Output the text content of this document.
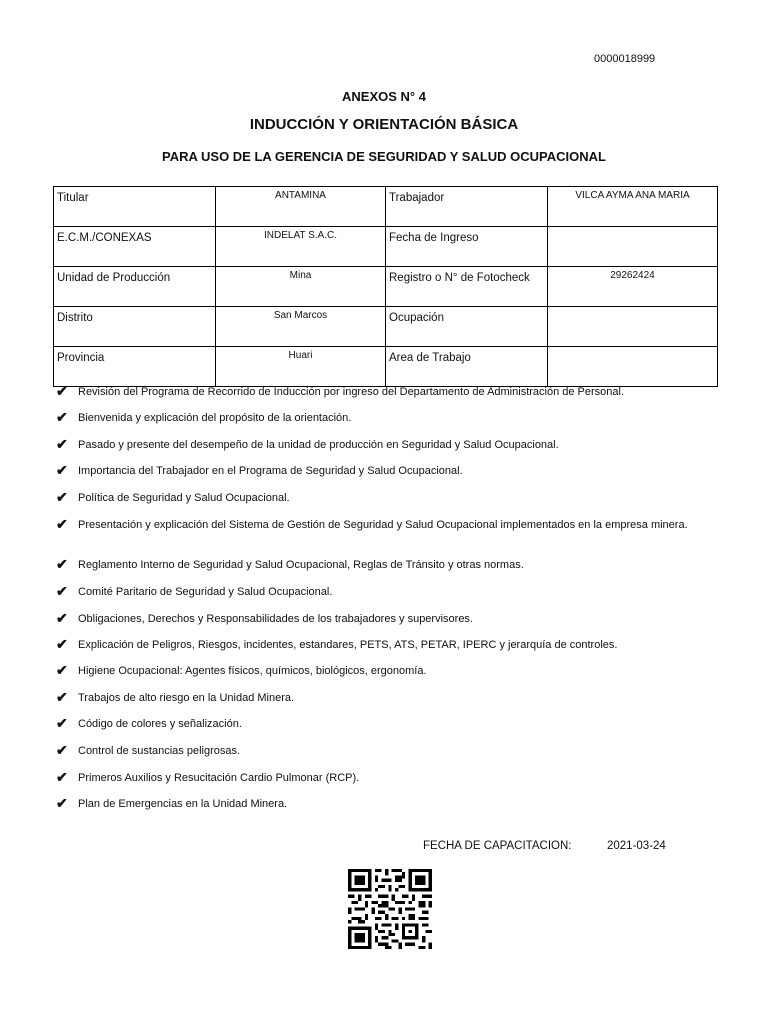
0000018999
ANEXOS N° 4
INDUCCIÓN Y ORIENTACIÓN BÁSICA
PARA USO DE LA GERENCIA DE SEGURIDAD Y SALUD OCUPACIONAL
Titular	ANTAMINA	Trabajador	VILCA AYMA ANA MARIA
E.C.M./CONEXAS	INDELAT S.A.C.	Fecha de Ingreso	
Unidad de Producción	Mina	Registro o N° de Fotocheck	29262424
Distrito	San Marcos	Ocupación	
Provincia	Huari	Area de Trabajo	
✔ Revisión del Programa de Recorrido de Inducción por ingreso del Departamento de Administración de Personal.
✔ Bienvenida y explicación del propósito de la orientación.
✔ Pasado y presente del desempeño de la unidad de producción en Seguridad y Salud Ocupacional.
✔ Importancia del Trabajador en el Programa de Seguridad y Salud Ocupacional.
✔ Política de Seguridad y Salud Ocupacional.
✔ Presentación y explicación del Sistema de Gestión de Seguridad y Salud Ocupacional implementados en la empresa minera.
✔ Reglamento Interno de Seguridad y Salud Ocupacional, Reglas de Tránsito y otras normas.
✔ Comité Paritario de Seguridad y Salud Ocupacional.
✔ Obligaciones, Derechos y Responsabilidades de los trabajadores y supervisores.
✔ Explicación de Peligros, Riesgos, incidentes, estandares, PETS, ATS, PETAR, IPERC y jerarquía de controles.
✔ Higiene Ocupacional: Agentes físicos, químicos, biológicos, ergonomía.
✔ Trabajos de alto riesgo en la Unidad Minera.
✔ Código de colores y señalización.
✔ Control de sustancias peligrosas.
✔ Primeros Auxilios y Resucitación Cardio Pulmonar (RCP).
✔ Plan de Emergencias en la Unidad Minera.
FECHA DE CAPACITACION:	2021-03-24
